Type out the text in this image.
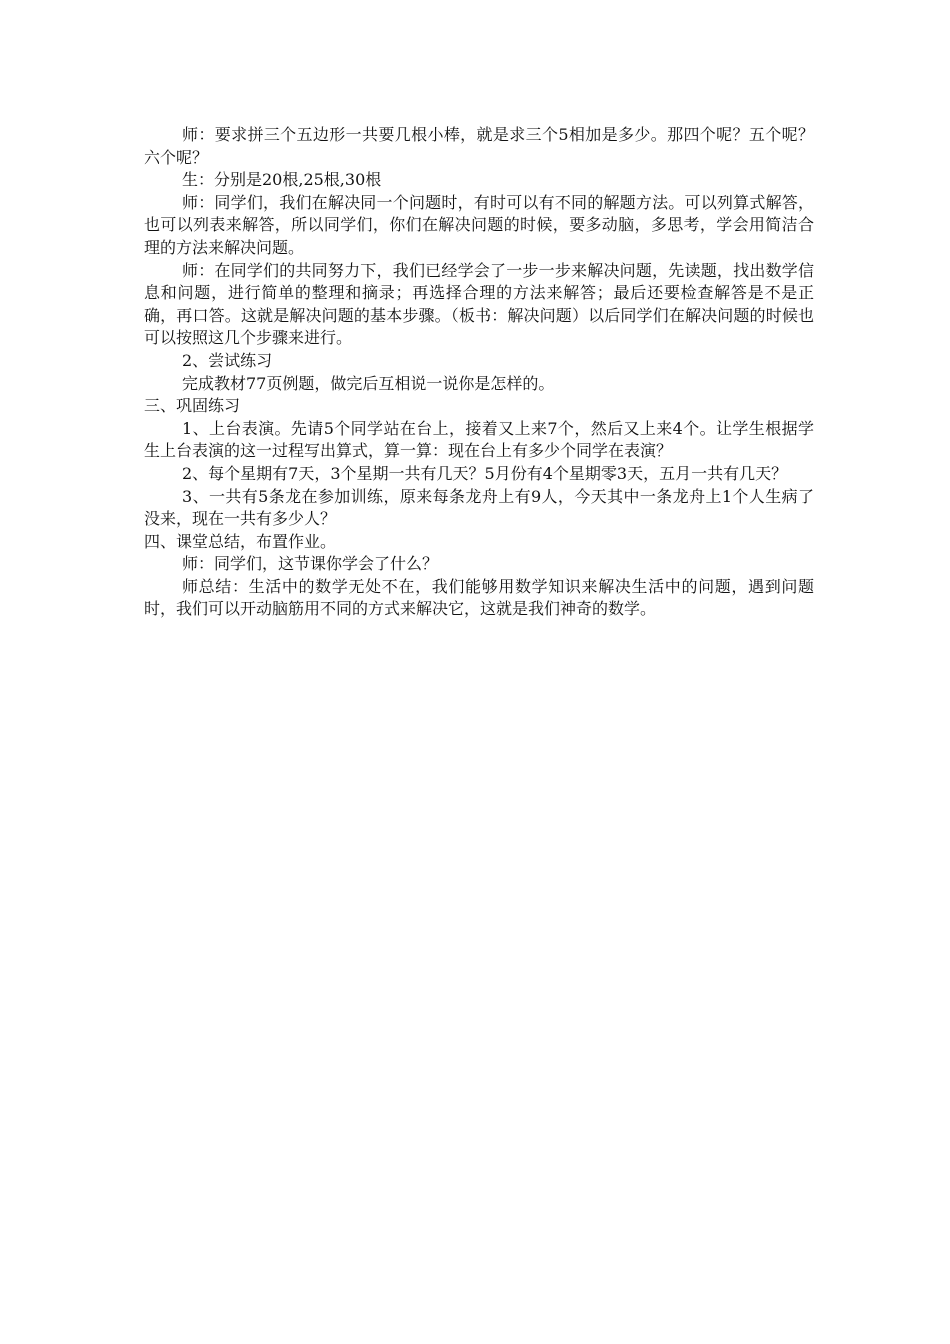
师：要求拼三个五边形一共要几根小棒，就是求三个5相加是多少。那四个呢？五个呢？六个呢？

生：分别是20根,25根,30根

师：同学们，我们在解决同一个问题时，有时可以有不同的解题方法。可以列算式解答，也可以列表来解答，所以同学们，你们在解决问题的时候，要多动脑，多思考，学会用简洁合理的方法来解决问题。

师：在同学们的共同努力下，我们已经学会了一步一步来解决问题，先读题，找出数学信息和问题，进行简单的整理和摘录；再选择合理的方法来解答；最后还要检查解答是不是正确，再口答。这就是解决问题的基本步骤。（板书：解决问题）以后同学们在解决问题的时候也可以按照这几个步骤来进行。

2、尝试练习

完成教材77页例题，做完后互相说一说你是怎样的。

三、巩固练习

1、上台表演。先请5个同学站在台上，接着又上来7个，然后又上来4个。让学生根据学生上台表演的这一过程写出算式，算一算：现在台上有多少个同学在表演？

2、每个星期有7天，3个星期一共有几天？5月份有4个星期零3天，五月一共有几天？

3、一共有5条龙在参加训练，原来每条龙舟上有9人，今天其中一条龙舟上1个人生病了没来，现在一共有多少人？

四、课堂总结，布置作业。

师：同学们，这节课你学会了什么？

师总结：生活中的数学无处不在，我们能够用数学知识来解决生活中的问题，遇到问题时，我们可以开动脑筋用不同的方式来解决它，这就是我们神奇的数学。
